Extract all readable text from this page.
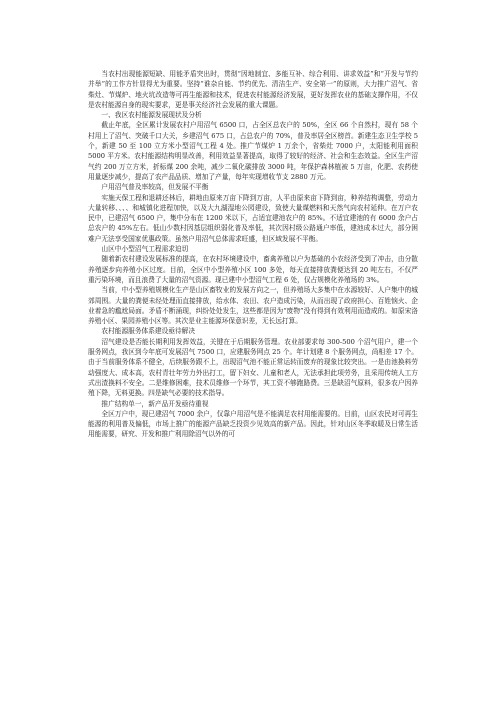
当农村出现能源短缺、用能矛盾突出时，贯彻“因地制宜、多能互补、综合利用、讲求效益”和“开发与节约并举”的工作方针显得尤为重要。坚持“谁杂自能、节约优先、清洁生产、安全第一”的原则，大力推广沼气、省柴灶、节煤炉、地火坑改造等可再生能源和技术，促进农村能源经济发展，更好发挥农业的基础支撑作用，不仅是农村能源自身的现实要求，更是事关经济社会发展的重大课题。

一、我区农村能源发展现状及分析

截止年底，全区累计发展农村户用沼气 6500 口，占全区总农户的 50%，全区 66 个自然村，现有 58 个村用上了沼气、突破千口大关，乡建沼气 675 口，占总农户的 70%，普及率居全区榜首。新建生态卫生学校 5 个，新建 50 至 100 立方米小型沼气工程 4 处。推广节煤炉 1 万余个，省柴灶 7000 户，太阳能利用面积 5000 平方米。农村能源结构明显改善，利用效益显著提高，取得了较好的经济、社会和生态效益。全区生产沼气约 200 万立方米，折标煤 200 余吨，减少二氧化碳排放 3000 吨，年保护森林植被 5 万亩，化肥、农药使用量逐步减少，提高了农产品品质、增加了产量，每年实现增收节支 2880 万元。

户用沼气普及率较高，但发展不平衡

实施天保工程和退耕还林后，耕地由原来万亩下降到万亩，人平由原来亩下降到亩，种养结构调整，劳动力大量转移、、、、和城镇化进程加快，以及大九湖湿地公园建设，致使大量煤燃料和天然气向农村延伸。在万户农民中，已建沼气 6500 户，集中分布在 1200 米以下，占适宜建池农户的 85%。不适宜建池的有 6000 余户占总农户的 45%左右。低山少数村因基层组织弱化普及率低，其次因村级公路通户率低，建池成本过大，部分困难户无法享受国家优惠政策。虽然户用沼气总体需求旺盛，但区域发展不平衡。

山区中小型沼气工程需求迫切

随着新农村建设发展标准的提高，在农村环境建设中，畜禽养殖以户为基础的小农经济受到了冲击，由分散养殖逐步向养殖小区过度。目前，全区中小型养殖小区 100 多处，每天直接排放粪便达到 20 吨左右，不仅严重污染环境，而且浪费了大量的沼气资源。现已建中小型沼气工程 6 处，仅占规模化养殖场的 3%。

当前，中小型养殖规模化生产是山区畜牧业的发展方向之一，但养殖场大多集中在水源较好、人户集中的城郊周围。大量的粪便未经处理而直接排放，给水体、农田、农户造成污染，从而出现了政府担心、百姓恼火、企业着急的尴尬局面。矛盾不断涌现，纠纷处处发生，这些都是因为“废物”没有得到有效利用而造成的。如原宋洛养殖小区、果园养殖小区等。其次是业主能源环保意识差，无长远打算。

农村能源服务体系建设亟待解决

沼气建设是否能长期利用发挥效益，关键在于后期服务管理。农业部要求每 300-500 个沼气用户，建一个服务网点，我区到今年底可发展沼气 7500 口，应建服务网点 25 个。年计划建 8 个服务网点，尚相差 17 个。由于当前服务体系不健全，后续服务跟不上，出现沼气池不能正常运转而废弃的现象比较突出。一是由池换料劳动强度大、成本高，农村青壮年劳力外出打工，留下妇女、儿童和老人，无法承担此项劳务，且采用传统人工方式出渣换料不安全。二是维修困难，技术员维修一个环节，其工资不够跑路费。三是缺沼气原料，很多农户因养殖下降，无料更换。四是缺气必要的技术指导。

推广结构单一，新产品开发亟待重视

全区万户中，现已建沼气 7000 余户，仅靠户用沼气是不能满足农村用能需要的。目前，山区农民对可再生能源的利用普及偏低，市场上推广的能源产品缺乏投资少见效高的新产品。因此，针对山区冬季取暖及日常生活用能需要，研究、开发和推广利用除沼气以外的可
